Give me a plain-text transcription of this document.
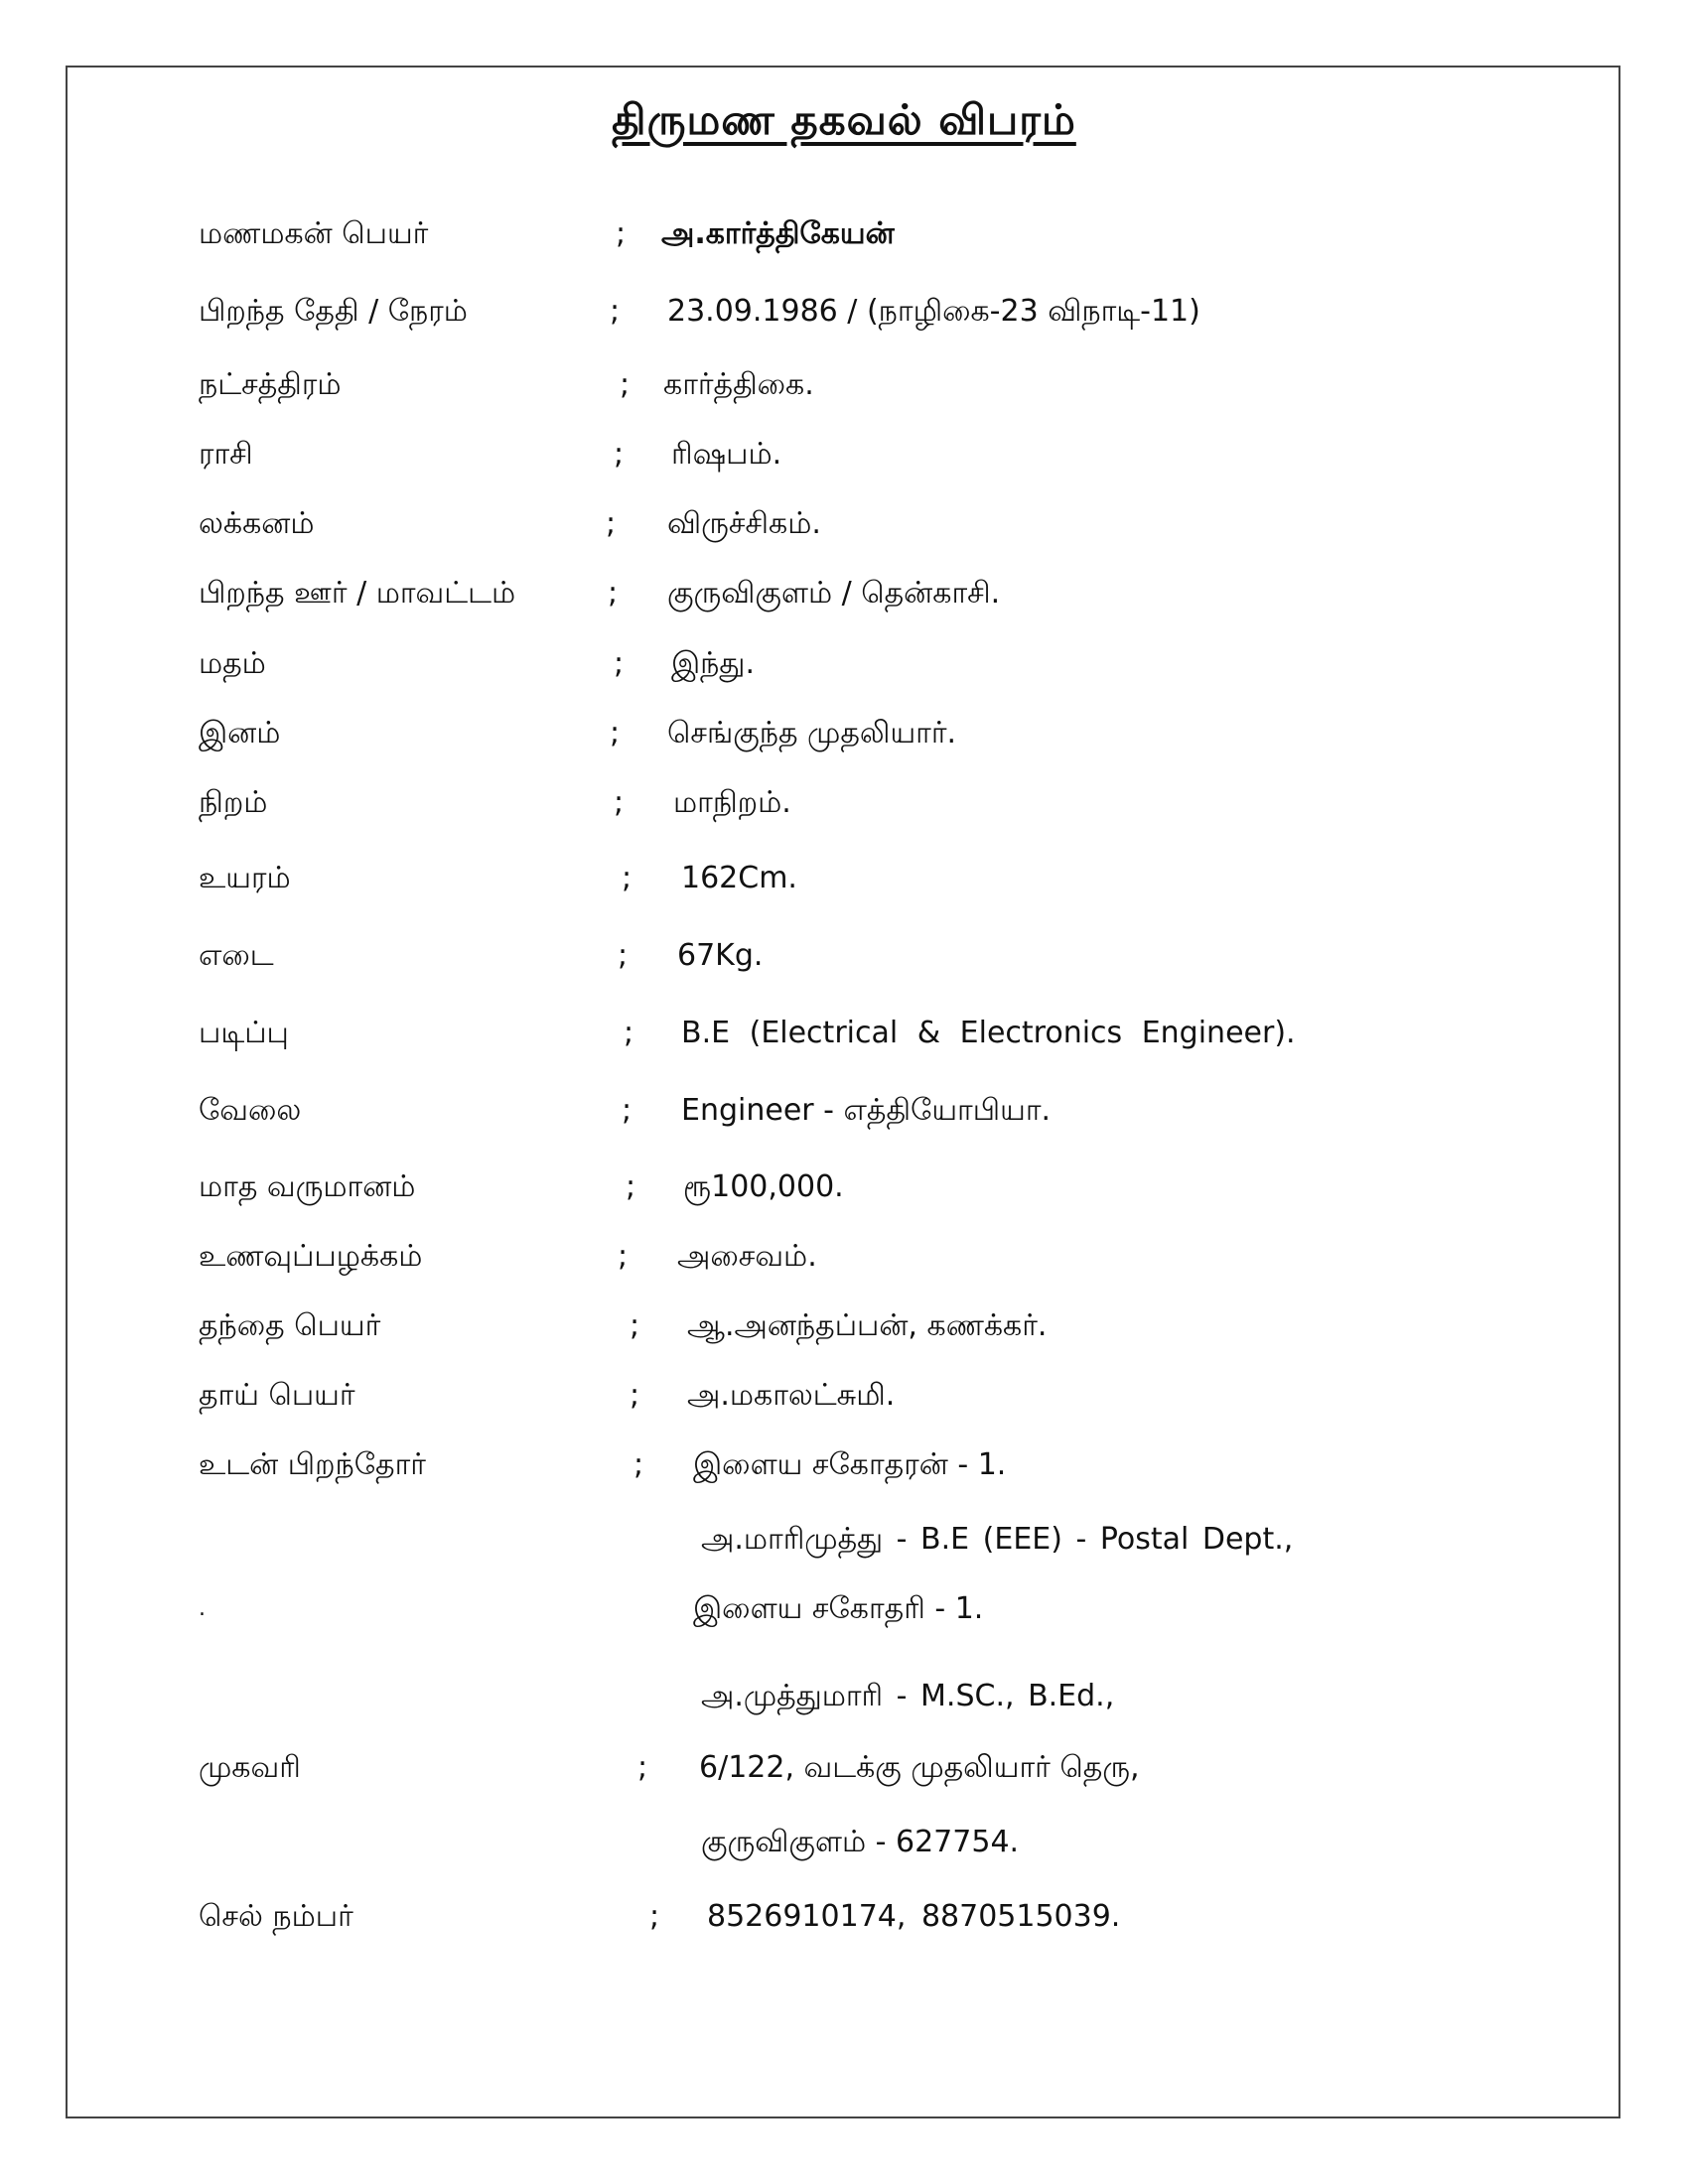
திருமண தகவல் விபரம்
மணமகன் பெயர்	; அ.கார்த்திகேயன்
பிறந்த தேதி / நேரம்	; 23.09.1986 / (நாழிகை-23 விநாடி-11)
நட்சத்திரம்	; கார்த்திகை.
ராசி	; ரிஷபம்.
லக்கனம்	; விருச்சிகம்.
பிறந்த ஊர் / மாவட்டம்	; குருவிகுளம் / தென்காசி.
மதம்	; இந்து.
இனம்	; செங்குந்த முதலியார்.
நிறம்	; மாநிறம்.
உயரம்	; 162Cm.
எடை	; 67Kg.
படிப்பு	; B.E (Electrical & Electronics Engineer).
வேலை	; Engineer - எத்தியோபியா.
மாத வருமானம்	; ரூ100,000.
உணவுப்பழக்கம்	; அசைவம்.
தந்தை பெயர்	; ஆ.அனந்தப்பன், கணக்கர்.
தாய் பெயர்	; அ.மகாலட்சுமி.
உடன் பிறந்தோர்	; இளைய சகோதரன் - 1.
அ.மாரிமுத்து - B.E (EEE) - Postal Dept.,
.	இளைய சகோதரி - 1.
அ.முத்துமாரி - M.SC., B.Ed.,
முகவரி	; 6/122, வடக்கு முதலியார் தெரு,
குருவிகுளம் - 627754.
செல் நம்பர்	; 8526910174, 8870515039.
